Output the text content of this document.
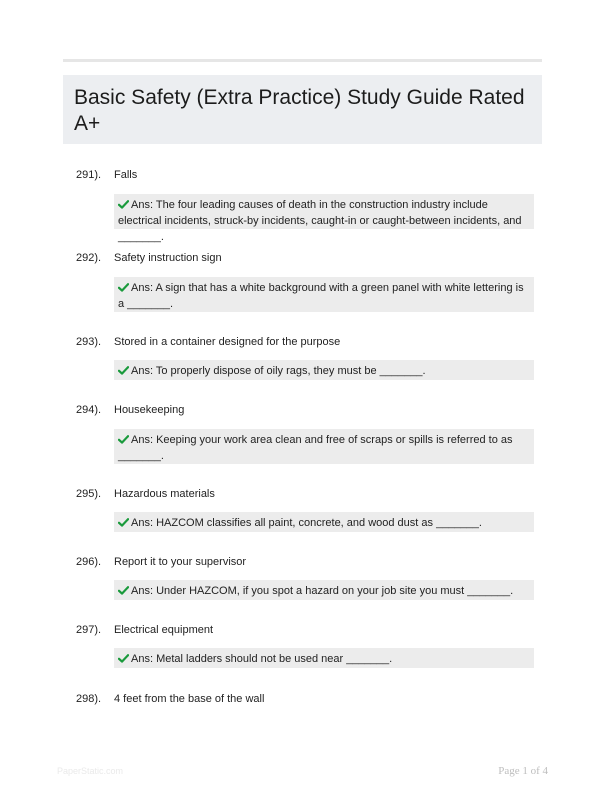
Basic Safety (Extra Practice) Study Guide Rated A+
291). Falls
Ans: The four leading causes of death in the construction industry include electrical incidents, struck-by incidents, caught-in or caught-between incidents, and _______.
292). Safety instruction sign
Ans: A sign that has a white background with a green panel with white lettering is a _______.
293). Stored in a container designed for the purpose
Ans: To properly dispose of oily rags, they must be _______.
294). Housekeeping
Ans: Keeping your work area clean and free of scraps or spills is referred to as _______.
295). Hazardous materials
Ans: HAZCOM classifies all paint, concrete, and wood dust as _______.
296). Report it to your supervisor
Ans: Under HAZCOM, if you spot a hazard on your job site you must _______.
297). Electrical equipment
Ans: Metal ladders should not be used near _______.
298). 4 feet from the base of the wall
PaperStatic.com	Page 1 of 4
